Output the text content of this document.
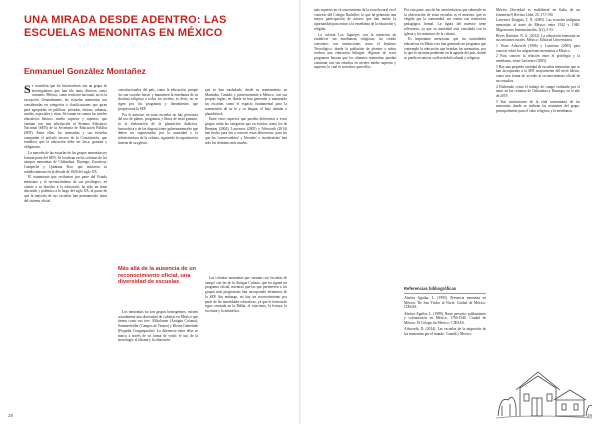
UNA MIRADA DESDE ADENTRO: LAS ESCUELAS MENONITAS EN MÉXICO
Enmanuel González Montañez

Se considera que los historiadores son un grupo de investigadores que han ido tanto diversos como comunes. México, como territorio nacional, no es la excepción. Generalmente, las escuelas menonitas son consideradas en categorías o clasificaciones que giran para agruparlas en públicas, privadas, étnicas, urbanas, rurales, especiales y otras. Se toman en cuenta los niveles educativos básicos, medio superior y superior, que cuentan con una adscripción al Sistema Educativo Nacional (SEN) de la Secretaría de Educación Pública (SEP). Entre ellas, los menonitas y sus escuelas comparten el artículo tercero de la Constitución, que establece que la educación debe ser laica, gratuita y obligatoria.

La mayoría de las escuelas de los grupos menonitas no forman parte del SEN. Se localizan en las colonias de los campos menonitas de Chihuahua, Durango, Zacatecas, Campeche y Quintana Roo, que iniciaron su establecimiento en la década de 1920 del siglo XX.

El tratamiento que recibieron por parte del Estado mexicano y el reconocimiento de sus privilegios, en cuanto a su derecho a la educación, ha sido un tema discutido y polémico a lo largo del siglo XX, al punto de que la mayoría de sus escuelas han permanecido fuera del sistema oficial.

constitucionales del país, como la educación, porque 'no son sociales laicas' y mantienen la enseñanza de su doctrina religiosa a todos los niveles, es decir, no se rigen por los programas y lineamientos que proporciona la SEP.

Por lo anterior, en estas escuelas no hay presencia del uso de planes, programas y libros de texto gratuito, ni la elaboración de la planeación didáctica, burocrática y de las disposiciones gubernamentales que deben ser supervisadas por la autoridad y la infraestructura de la colonia, siguiendo la organización interna de su iglesia.

Más allá de la ausencia de un reconocimiento oficial, una diversidad de escuelas

Los menonitas no son grupos homogéneos, existen actualmente una diversidad de colonias en México que tienen como sus tres: Altkolonier (Antigua Colonia), Sommerfelder (Campos de Verano) y Kleine Gemeinde (Pequeña Congregación). La diferencia entre ellas se marca a través de su forma de vestir, el uso de la tecnología, el idioma y la educación.

que se han trasladado, desde su asentamiento en Manitoba, Canadá, y posteriormente a México, con sus propias reglas, en donde se han generado y mantenido las escuelas como el espacio fundamental para la transmisión de su fe y su lengua, el bajo alemán o plautdietsch.

Entre estos aspectos que pueden diferenciar a estos grupos están las categorías que en escritos como los de Bennion (2004), Lawrence (2005) y Ailsworth (2014) han hecho para dar a conocer estas diferencias, para los que los 'conservadores' y 'liberales' o 'modernistas' han sido los términos más usados.

Las colonias menonitas que cuentan con 'escuelas de campo' son las de la Antigua Colonia, que no siguen un programa oficial, mientras que las que pertenecen a los grupos más progresistas han incorporado elementos de la SEP. Sin embargo, no hay un reconocimiento por parte de las autoridades educativas, ya que la formación sigue centrada en la Biblia, el catecismo, la lectura, la escritura y la aritmética.

28

más expertos en el conocimiento de la escuela rural en el contexto del Colegio Bachiller, lo que ha generado una mayor participación de actores que han tenido la oportunidad para entrar a la enseñanza de la educación y religión.

La colonia Los Jagüeyes con la intención de establecer sus enseñanzas religiosas, ha creado convenios con instituciones como el Instituto Tecnológico, donde la población de jóvenes y niños reciben una educación bilingüe. Algunos de estos programas buscan que los alumnos menonitas puedan continuar con sus estudios en niveles medio superior y superior, lo cual es novedoso para ellos.

Por otra parte, una de las características que sobresale en la observación de estas escuelas es el maestro, que es elegido por la comunidad, sin contar con formación pedagógica formal. La figura del maestro tiene relevancia, ya que su autoridad está vinculada con la iglesia y los ministros de la colonia.

Es importante mencionar que las autoridades educativas en México no han generado un programa que contemple la educación que brindan los menonitas, por lo que es un tema pendiente en la agenda del país, donde se pueda reconocer su diversidad cultural y religiosa.

Referencias bibliográficas

Aboites Aguilar, L. (1995). Presencia menonita en México: De San Ysidro al Norte. Ciudad de México: CIESAS.

Aboites Aguilar, L. (1999). Norte precario: poblamiento y colonización en México, 1760-1940. Ciudad de México: El Colegio de México / CIESAS.

Ailsworth, D. (2014). Las escuelas de la migración de los menonitas por el mundo. Canadá y Mexico.

México (Sociedad es multilineal en Italia de un fenomeno?) Revista Líder, 25, 171-190.

Lawrence Douglas, T. N. (2005). Las escuelas indígenas menonitas al norte de México entre 1922 y 1940. Migraciones Internacionales, 3(2), 5-33.

Reyes Ramírez, N. G. (2012). La educación menonita en sus misiones rurales. México: Editorial Universitaria.

1 Vease Ailsworth (1996) y Lawrence (2005) para conocer sobre los migraciones menonitas a México.

2 Para conocer la relación entre el privilegio y la enseñanza, véase Lawrence (2005).

3 Hay una pequeña cantidad de escuelas menonitas que se han incorporado a la SEP, mayormente del nivel básico, como una forma de acceder al reconocimiento oficial de sus estudios.

4 Elaborado como el trabajo de campo realizado por el autor en las colonias de Chihuahua y Durango, en el año de 2019.

5 Son instituciones de la vida comunitaria de los menonitas donde se realizan las reuniones del grupo, principalmente para el culto religioso y la enseñanza.

29
